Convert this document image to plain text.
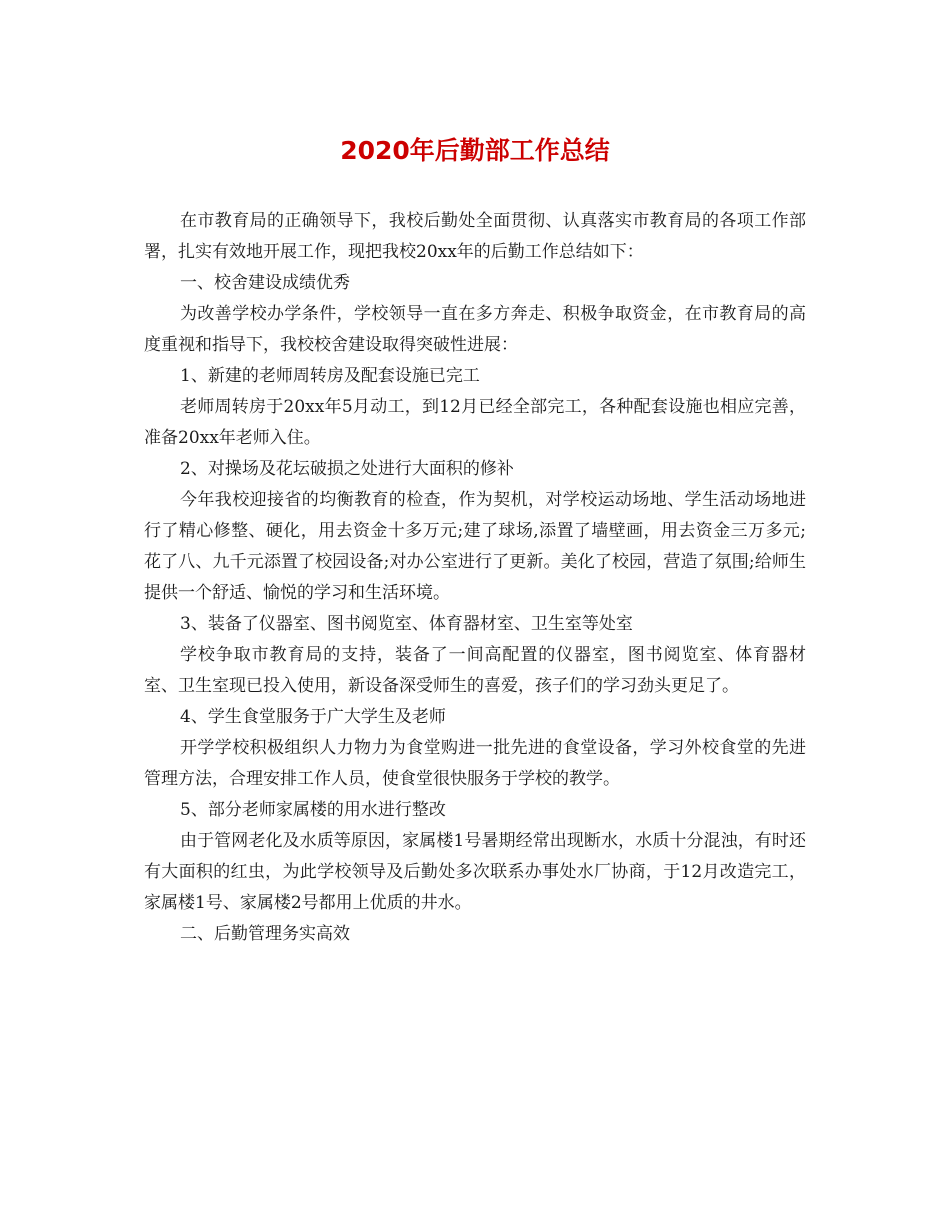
2020年后勤部工作总结

在市教育局的正确领导下，我校后勤处全面贯彻、认真落实市教育局的各项工作部署，扎实有效地开展工作，现把我校20xx年的后勤工作总结如下：

一、校舍建设成绩优秀

为改善学校办学条件，学校领导一直在多方奔走、积极争取资金，在市教育局的高度重视和指导下，我校校舍建设取得突破性进展：

1、新建的老师周转房及配套设施已完工

老师周转房于20xx年5月动工，到12月已经全部完工，各种配套设施也相应完善，准备20xx年老师入住。

2、对操场及花坛破损之处进行大面积的修补

今年我校迎接省的均衡教育的检查，作为契机，对学校运动场地、学生活动场地进行了精心修整、硬化，用去资金十多万元;建了球场,添置了墙壁画，用去资金三万多元;花了八、九千元添置了校园设备;对办公室进行了更新。美化了校园，营造了氛围;给师生提供一个舒适、愉悦的学习和生活环境。

3、装备了仪器室、图书阅览室、体育器材室、卫生室等处室

学校争取市教育局的支持，装备了一间高配置的仪器室，图书阅览室、体育器材室、卫生室现已投入使用，新设备深受师生的喜爱，孩子们的学习劲头更足了。

4、学生食堂服务于广大学生及老师

开学学校积极组织人力物力为食堂购进一批先进的食堂设备，学习外校食堂的先进管理方法，合理安排工作人员，使食堂很快服务于学校的教学。

5、部分老师家属楼的用水进行整改

由于管网老化及水质等原因，家属楼1号暑期经常出现断水，水质十分混浊，有时还有大面积的红虫，为此学校领导及后勤处多次联系办事处水厂协商，于12月改造完工，家属楼1号、家属楼2号都用上优质的井水。

二、后勤管理务实高效
